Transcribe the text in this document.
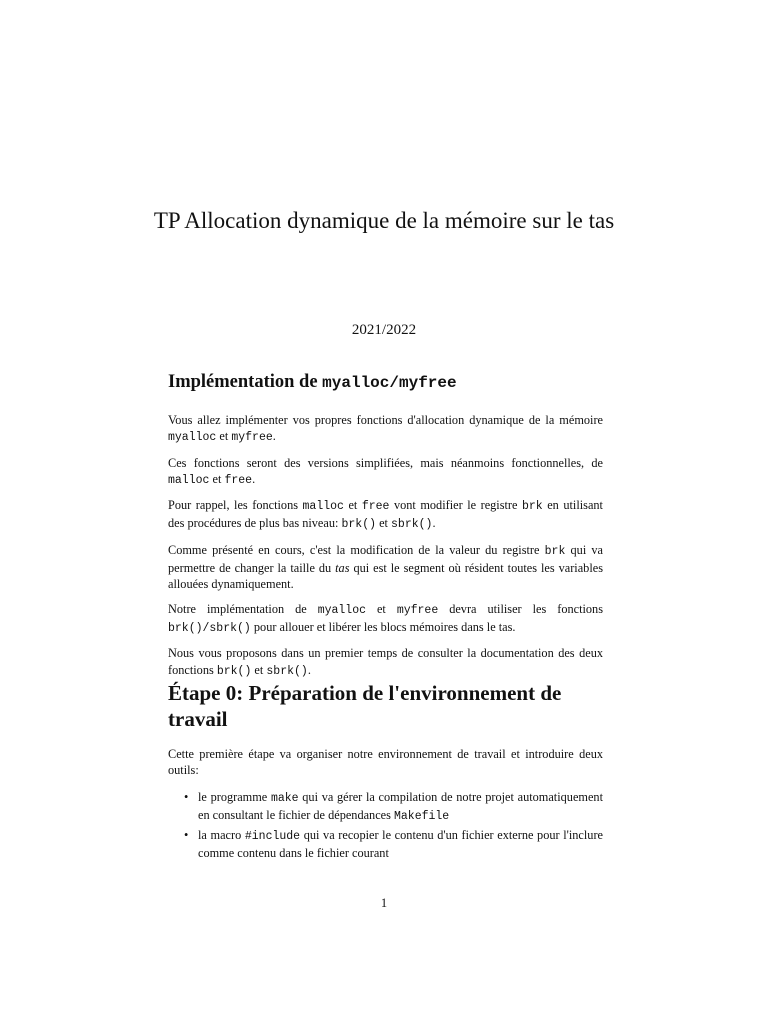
TP Allocation dynamique de la mémoire sur le tas
2021/2022
Implémentation de myalloc/myfree

Vous allez implémenter vos propres fonctions d'allocation dynamique de la mémoire myalloc et myfree.

Ces fonctions seront des versions simplifiées, mais néanmoins fonctionnelles, de malloc et free.

Pour rappel, les fonctions malloc et free vont modifier le registre brk en utilisant des procédures de plus bas niveau: brk() et sbrk().

Comme présenté en cours, c'est la modification de la valeur du registre brk qui va permettre de changer la taille du tas qui est le segment où résident toutes les variables allouées dynamiquement.

Notre implémentation de myalloc et myfree devra utiliser les fonctions brk()/sbrk() pour allouer et libérer les blocs mémoires dans le tas.

Nous vous proposons dans un premier temps de consulter la documentation des deux fonctions brk() et sbrk().

Étape 0: Préparation de l'environnement de travail

Cette première étape va organiser notre environnement de travail et introduire deux outils:

• le programme make qui va gérer la compilation de notre projet automatiquement en consultant le fichier de dépendances Makefile
• la macro #include qui va recopier le contenu d'un fichier externe pour l'inclure comme contenu dans le fichier courant
1
